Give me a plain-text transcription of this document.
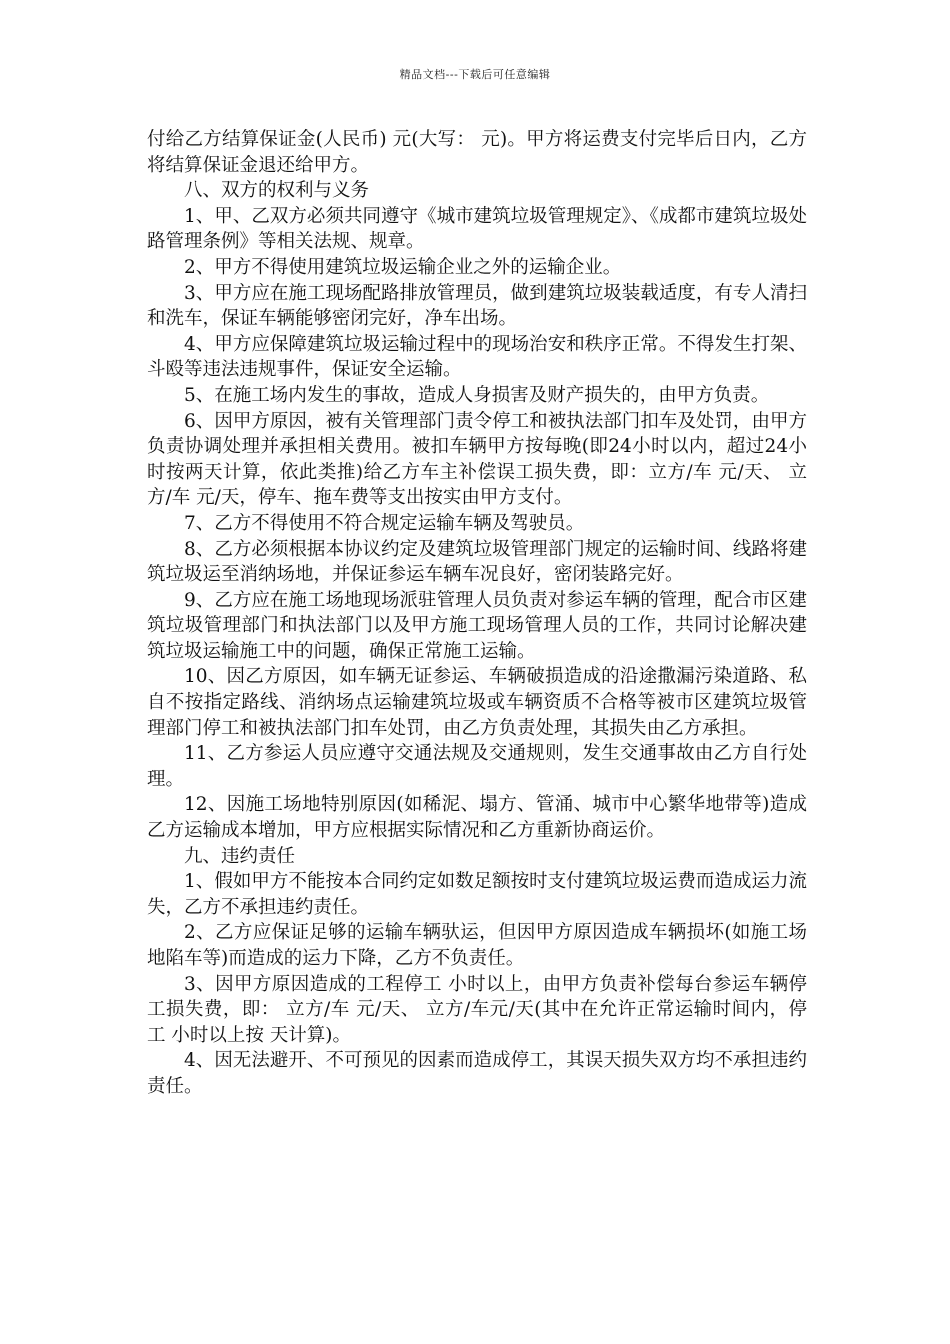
精品文档---下载后可任意编辑

付给乙方结算保证金(人民币) 元(大写： 元)。甲方将运费支付完毕后日内，乙方将结算保证金退还给甲方。

八、双方的权利与义务

1、甲、乙双方必须共同遵守《城市建筑垃圾管理规定》、《成都市建筑垃圾处路管理条例》等相关法规、规章。

2、甲方不得使用建筑垃圾运输企业之外的运输企业。

3、甲方应在施工现场配路排放管理员，做到建筑垃圾装载适度，有专人清扫和洗车，保证车辆能够密闭完好，净车出场。

4、甲方应保障建筑垃圾运输过程中的现场治安和秩序正常。不得发生打架、斗殴等违法违规事件，保证安全运输。

5、在施工场内发生的事故，造成人身损害及财产损失的，由甲方负责。

6、因甲方原因，被有关管理部门责令停工和被执法部门扣车及处罚，由甲方负责协调处理并承担相关费用。被扣车辆甲方按每晚(即24小时以内，超过24小时按两天计算，依此类推)给乙方车主补偿误工损失费，即：立方/车 元/天、 立方/车 元/天，停车、拖车费等支出按实由甲方支付。

7、乙方不得使用不符合规定运输车辆及驾驶员。

8、乙方必须根据本协议约定及建筑垃圾管理部门规定的运输时间、线路将建筑垃圾运至消纳场地，并保证参运车辆车况良好，密闭装路完好。

9、乙方应在施工场地现场派驻管理人员负责对参运车辆的管理，配合市区建筑垃圾管理部门和执法部门以及甲方施工现场管理人员的工作，共同讨论解决建筑垃圾运输施工中的问题，确保正常施工运输。

10、因乙方原因，如车辆无证参运、车辆破损造成的沿途撒漏污染道路、私自不按指定路线、消纳场点运输建筑垃圾或车辆资质不合格等被市区建筑垃圾管理部门停工和被执法部门扣车处罚，由乙方负责处理，其损失由乙方承担。

11、乙方参运人员应遵守交通法规及交通规则，发生交通事故由乙方自行处理。

12、因施工场地特别原因(如稀泥、塌方、管涌、城市中心繁华地带等)造成乙方运输成本增加，甲方应根据实际情况和乙方重新协商运价。

九、违约责任

1、假如甲方不能按本合同约定如数足额按时支付建筑垃圾运费而造成运力流失，乙方不承担违约责任。

2、乙方应保证足够的运输车辆驮运，但因甲方原因造成车辆损坏(如施工场地陷车等)而造成的运力下降，乙方不负责任。

3、因甲方原因造成的工程停工 小时以上，由甲方负责补偿每台参运车辆停工损失费，即： 立方/车 元/天、 立方/车元/天(其中在允许正常运输时间内，停工 小时以上按 天计算)。

4、因无法避开、不可预见的因素而造成停工，其误天损失双方均不承担违约责任。
